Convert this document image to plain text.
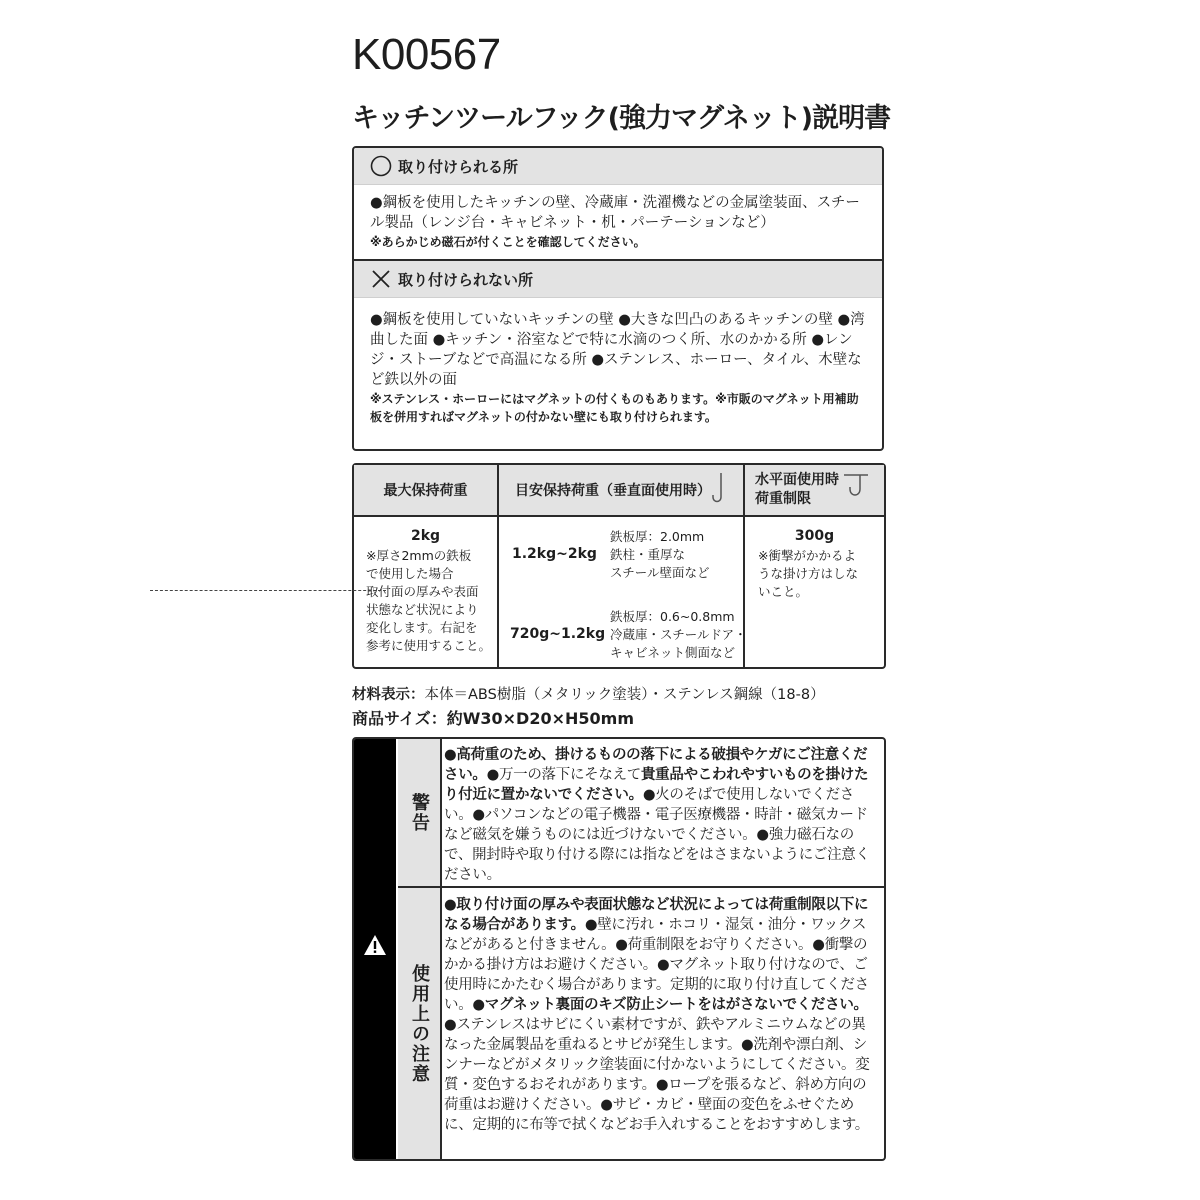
K00567
キッチンツールフック(強力マグネット)説明書
取り付けられる所
●鋼板を使用したキッチンの壁、冷蔵庫・洗濯機などの金属塗装面、スチール製品（レンジ台・キャビネット・机・パーテーションなど）
※あらかじめ磁石が付くことを確認してください。
取り付けられない所
●鋼板を使用していないキッチンの壁 ●大きな凹凸のあるキッチンの壁 ●湾曲した面 ●キッチン・浴室などで特に水滴のつく所、水のかかる所 ●レンジ・ストーブなどで高温になる所 ●ステンレス、ホーロー、タイル、木壁など鉄以外の面
※ステンレス・ホーローにはマグネットの付くものもあります。※市販のマグネット用補助板を併用すればマグネットの付かない壁にも取り付けられます。
最大保持荷重	目安保持荷重（垂直面使用時）
水平面使用時
荷重制限
2kg
※厚さ2mmの鉄板
で使用した場合
取付面の厚みや表面
状態など状況により
変化します。右記を
参考に使用すること。
1.2kg~2kg
鉄板厚：2.0mm
鉄柱・重厚な
スチール壁面など
720g~1.2kg
鉄板厚：0.6~0.8mm
冷蔵庫・スチールドア・
キャビネット側面など
300g
※衝撃がかかるよ
うな掛け方はしな
いこと。
材料表示：本体＝ABS樹脂（メタリック塗装）・ステンレス鋼線（18-8）
商品サイズ：約W30×D20×H50mm
警告
使用上の注意
●高荷重のため、掛けるものの落下による破損やケガにご注意ください。●万一の落下にそなえて貴重品やこわれやすいものを掛けたり付近に置かないでください。●火のそばで使用しないでください。●パソコンなどの電子機器・電子医療機器・時計・磁気カードなど磁気を嫌うものには近づけないでください。●強力磁石なので、開封時や取り付ける際には指などをはさまないようにご注意ください。
●取り付け面の厚みや表面状態など状況によっては荷重制限以下になる場合があります。●壁に汚れ・ホコリ・湿気・油分・ワックスなどがあると付きません。●荷重制限をお守りください。●衝撃のかかる掛け方はお避けください。●マグネット取り付けなので、ご使用時にかたむく場合があります。定期的に取り付け直してください。●マグネット裏面のキズ防止シートをはがさないでください。●ステンレスはサビにくい素材ですが、鉄やアルミニウムなどの異なった金属製品を重ねるとサビが発生します。●洗剤や漂白剤、シンナーなどがメタリック塗装面に付かないようにしてください。変質・変色するおそれがあります。●ロープを張るなど、斜め方向の荷重はお避けください。●サビ・カビ・壁面の変色をふせぐために、定期的に布等で拭くなどお手入れすることをおすすめします。
